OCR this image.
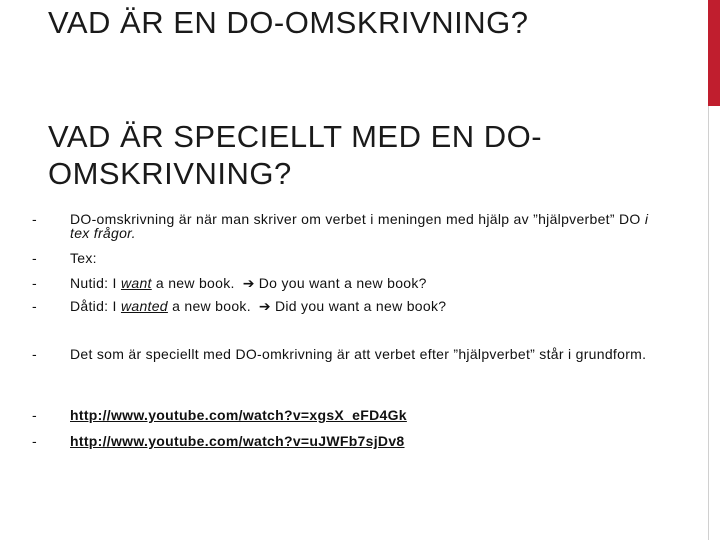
VAD ÄR EN DO-OMSKRIVNING?
VAD ÄR SPECIELLT MED EN DO-OMSKRIVNING?
- DO-omskrivning är när man skriver om verbet i meningen med hjälp av ”hjälpverbet” DO i tex frågor.
- Tex:
- Nutid: I want a new book. ➔ Do you want a new book?
- Dåtid: I wanted a new book. ➔ Did you want a new book?
- Det som är speciellt med DO-omkrivning är att verbet efter ”hjälpverbet” står i grundform.
- http://www.youtube.com/watch?v=xgsX_eFD4Gk
- http://www.youtube.com/watch?v=uJWFb7sjDv8
